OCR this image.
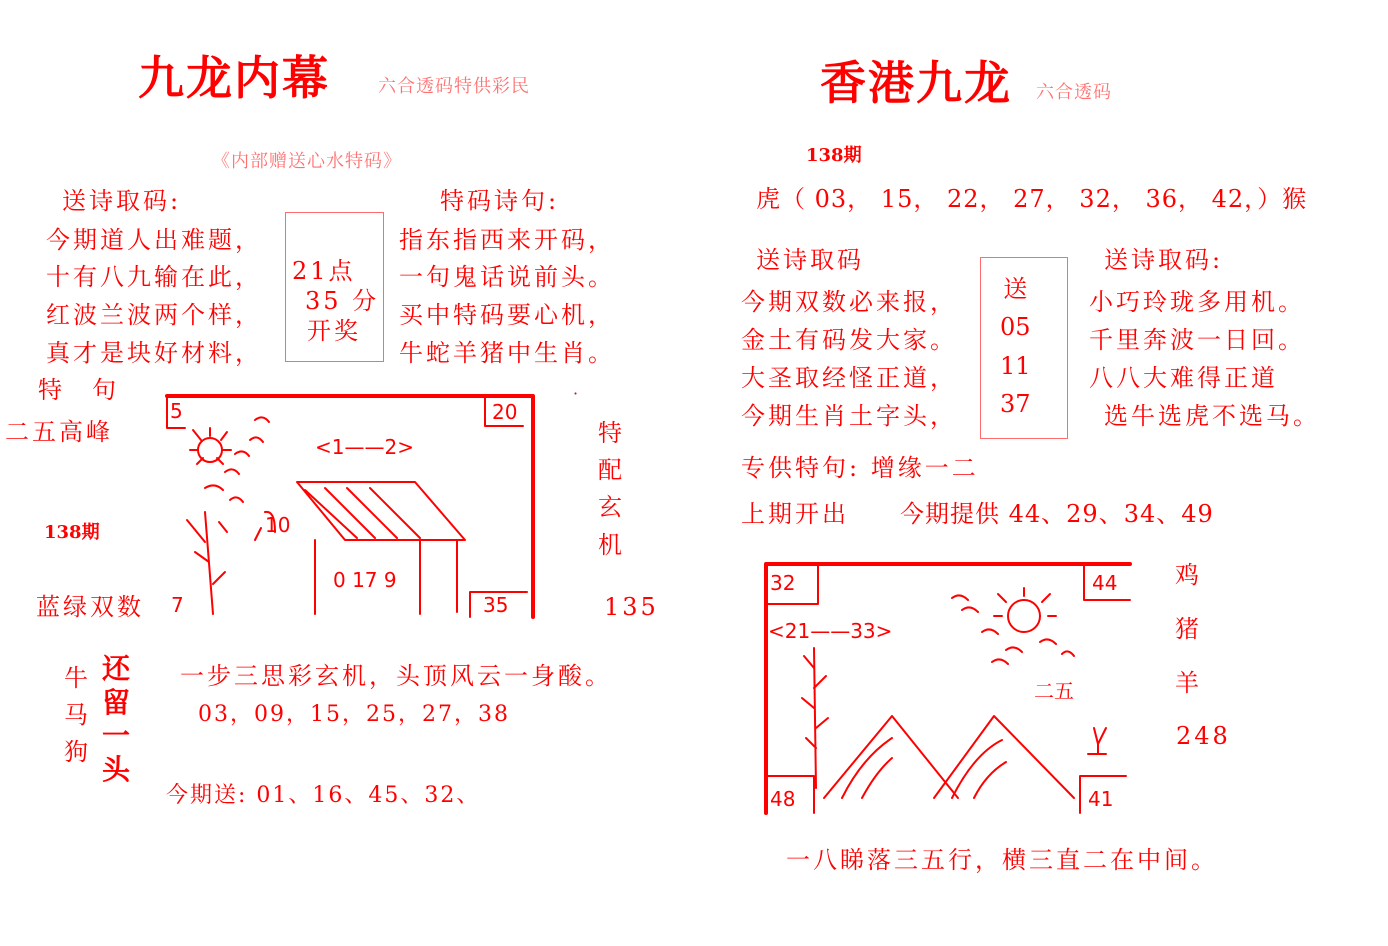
九龙内幕	六合透码特供彩民
《内部赠送心水特码》
送诗取码:
今期道人出难题，
十有八九输在此，
红波兰波两个样，
真才是块好材料，
21点
35 分
开奖
特码诗句:
指东指西来开码，
一句鬼话说前头。
买中特码要心机，
牛蛇羊猪中生肖。
特　句
二五高峰
138期
蓝绿双数
5	20
7	35
<1——2>
10
0 17 9
·
特
配
玄
机
135
牛
马
狗
还
留
一
头
一步三思彩玄机，头顶风云一身酸。
03，09，15，25，27，38
今期送: 01、16、45、32、
香港九龙 六合透码
138期
虎（ 03， 15， 22， 27， 32， 36， 42，）猴
送诗取码
今期双数必来报，
金土有码发大家。
大圣取经怪正道，
今期生肖土字头，
送
05
11
37
送诗取码:
小巧玲珑多用机。
千里奔波一日回。
八八大难得正道
选牛选虎不选马。
专供特句: 增缘一二
上期开出 今期提供 44、29、34、49
32	44
48	41
<21——33>
二五
鸡
猪
羊
248
一八睇落三五行，横三直二在中间。
